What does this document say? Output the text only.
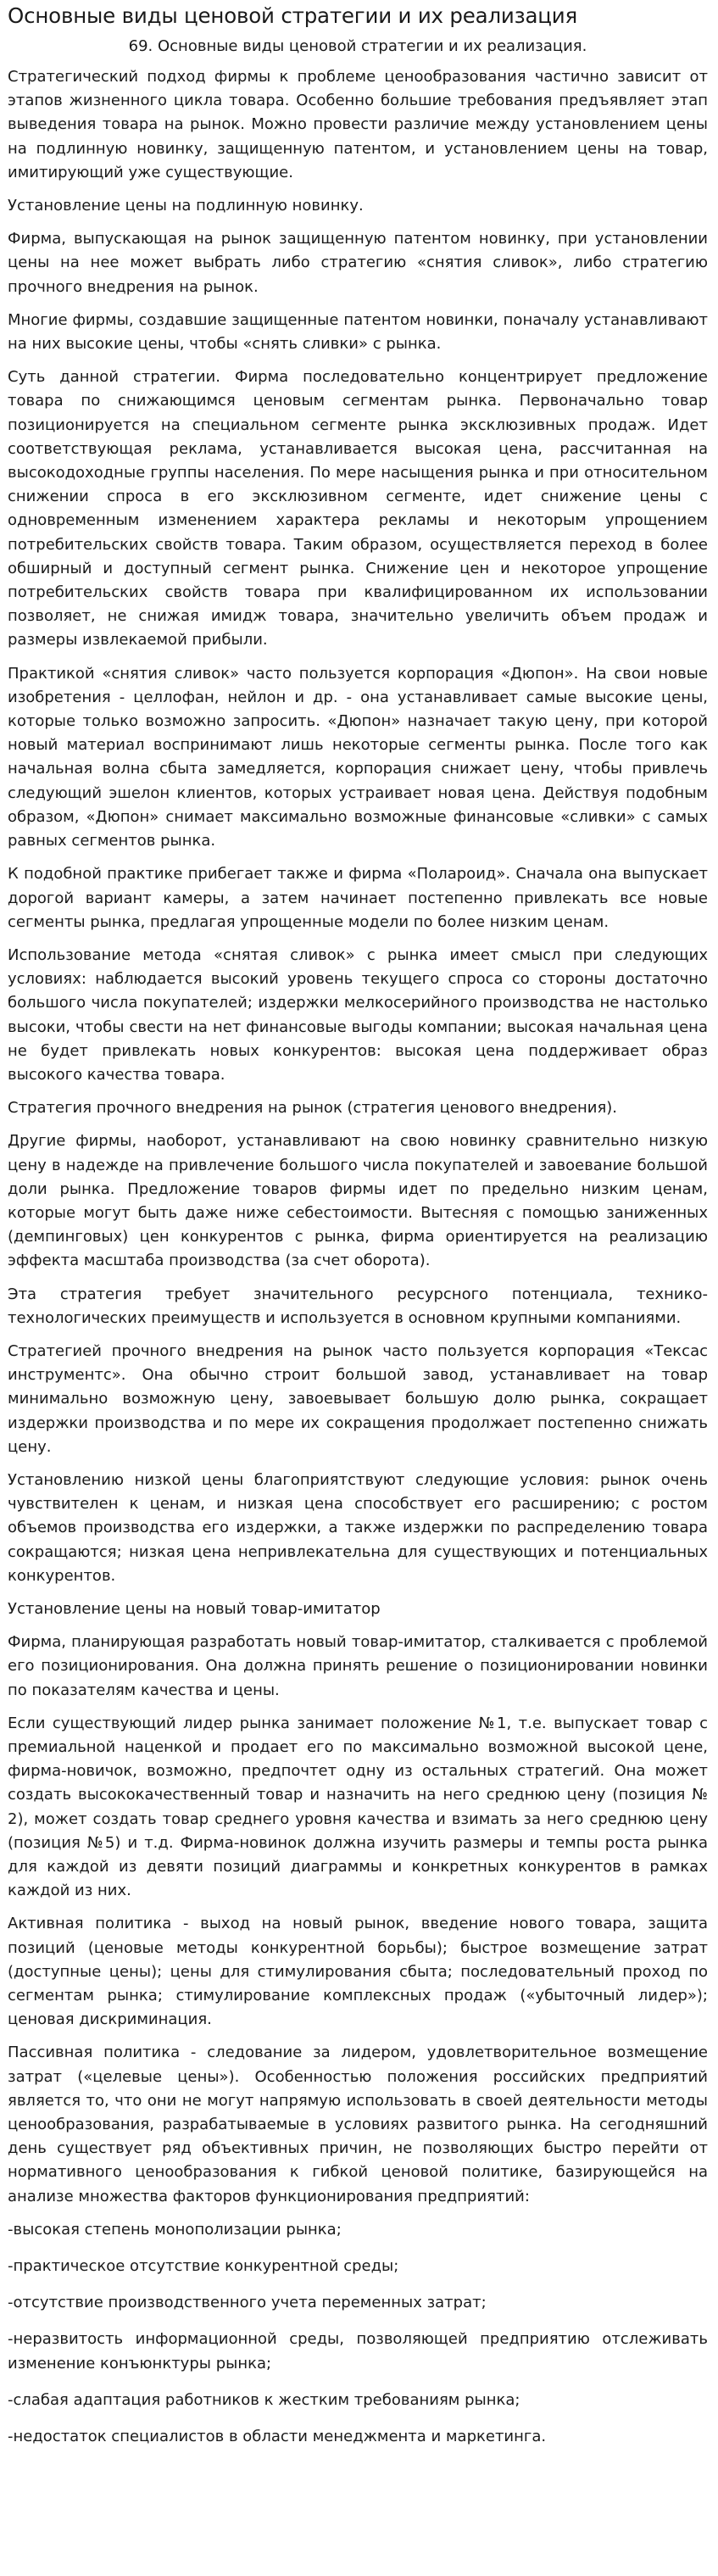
Основные виды ценовой стратегии и их реализация
69. Основные виды ценовой стратегии и их реализация.

Стратегический подход фирмы к проблеме ценообразования частично зависит от этапов жизненного цикла товара. Особенно большие требования предъявляет этап выведения товара на рынок. Можно провести различие между установлением цены на подлинную новинку, защищенную патентом, и установлением цены на товар, имитирующий уже существующие.

Установление цены на подлинную новинку.

Фирма, выпускающая на рынок защищенную патентом новинку, при установлении цены на нее может выбрать либо стратегию «снятия сливок», либо стратегию прочного внедрения на рынок.

Многие фирмы, создавшие защищенные патентом новинки, поначалу устанавливают на них высокие цены, чтобы «снять сливки» с рынка.

Суть данной стратегии. Фирма последовательно концентрирует предложение товара по снижающимся ценовым сегментам рынка. Первоначально товар позиционируется на специальном сегменте рынка эксклюзивных продаж. Идет соответствующая реклама, устанавливается высокая цена, рассчитанная на высокодоходные группы населения. По мере насыщения рынка и при относительном снижении спроса в его эксклюзивном сегменте, идет снижение цены с одновременным изменением характера рекламы и некоторым упрощением потребительских свойств товара. Таким образом, осуществляется переход в более обширный и доступный сегмент рынка. Снижение цен и некоторое упрощение потребительских свойств товара при квалифицированном их использовании позволяет, не снижая имидж товара, значительно увеличить объем продаж и размеры извлекаемой прибыли.

Практикой «снятия сливок» часто пользуется корпорация «Дюпон». На свои новые изобретения - целлофан, нейлон и др. - она устанавливает самые высокие цены, которые только возможно запросить. «Дюпон» назначает такую цену, при которой новый материал воспринимают лишь некоторые сегменты рынка. После того как начальная волна сбыта замедляется, корпорация снижает цену, чтобы привлечь следующий эшелон клиентов, которых устраивает новая цена. Действуя подобным образом, «Дюпон» снимает максимально возможные финансовые «сливки» с самых равных сегментов рынка.

К подобной практике прибегает также и фирма «Полароид». Сначала она выпускает дорогой вариант камеры, а затем начинает постепенно привлекать все новые сегменты рынка, предлагая упрощенные модели по более низким ценам.

Использование метода «снятая сливок» с рынка имеет смысл при следующих условиях: наблюдается высокий уровень текущего спроса со стороны достаточно большого числа покупателей; издержки мелкосерийного производства не настолько высоки, чтобы свести на нет финансовые выгоды компании; высокая начальная цена не будет привлекать новых конкурентов: высокая цена поддерживает образ высокого качества товара.

Стратегия прочного внедрения на рынок (стратегия ценового внедрения).

Другие фирмы, наоборот, устанавливают на свою новинку сравнительно низкую цену в надежде на привлечение большого числа покупателей и завоевание большой доли рынка. Предложение товаров фирмы идет по предельно низким ценам, которые могут быть даже ниже себестоимости. Вытесняя с помощью заниженных (демпинговых) цен конкурентов с рынка, фирма ориентируется на реализацию эффекта масштаба производства (за счет оборота).

Эта стратегия требует значительного ресурсного потенциала, технико-технологических преимуществ и используется в основном крупными компаниями.

Стратегией прочного внедрения на рынок часто пользуется корпорация «Тексас инструментс». Она обычно строит большой завод, устанавливает на товар минимально возможную цену, завоевывает большую долю рынка, сокращает издержки производства и по мере их сокращения продолжает постепенно снижать цену.

Установлению низкой цены благоприятствуют следующие условия: рынок очень чувствителен к ценам, и низкая цена способствует его расширению; с ростом объемов производства его издержки, а также издержки по распределению товара сокращаются; низкая цена непривлекательна для существующих и потенциальных конкурентов.

Установление цены на новый товар-имитатор

Фирма, планирующая разработать новый товар-имитатор, сталкивается с проблемой его позиционирования. Она должна принять решение о позиционировании новинки по показателям качества и цены.

Если существующий лидер рынка занимает положение №1, т.е. выпускает товар с премиальной наценкой и продает его по максимально возможной высокой цене, фирма-новичок, возможно, предпочтет одну из остальных стратегий. Она может создать высококачественный товар и назначить на него среднюю цену (позиция № 2), может создать товар среднего уровня качества и взимать за него среднюю цену (позиция №5) и т.д. Фирма-новинок должна изучить размеры и темпы роста рынка для каждой из девяти позиций диаграммы и конкретных конкурентов в рамках каждой из них.

Активная политика - выход на новый рынок, введение нового товара, защита позиций (ценовые методы конкурентной борьбы); быстрое возмещение затрат (доступные цены); цены для стимулирования сбыта; последовательный проход по сегментам рынка; стимулирование комплексных продаж («убыточный лидер»); ценовая дискриминация.

Пассивная политика - следование за лидером, удовлетворительное возмещение затрат («целевые цены»). Особенностью положения российских предприятий является то, что они не могут напрямую использовать в своей деятельности методы ценообразования, разрабатываемые в условиях развитого рынка. На сегодняшний день существует ряд объективных причин, не позволяющих быстро перейти от нормативного ценообразования к гибкой ценовой политике, базирующейся на анализе множества факторов функционирования предприятий:

-высокая степень монополизации рынка;
-практическое отсутствие конкурентной среды;
-отсутствие производственного учета переменных затрат;
-неразвитость информационной среды, позволяющей предприятию отслеживать изменение конъюнктуры рынка;
-слабая адаптация работников к жестким требованиям рынка;
-недостаток специалистов в области менеджмента и маркетинга.
